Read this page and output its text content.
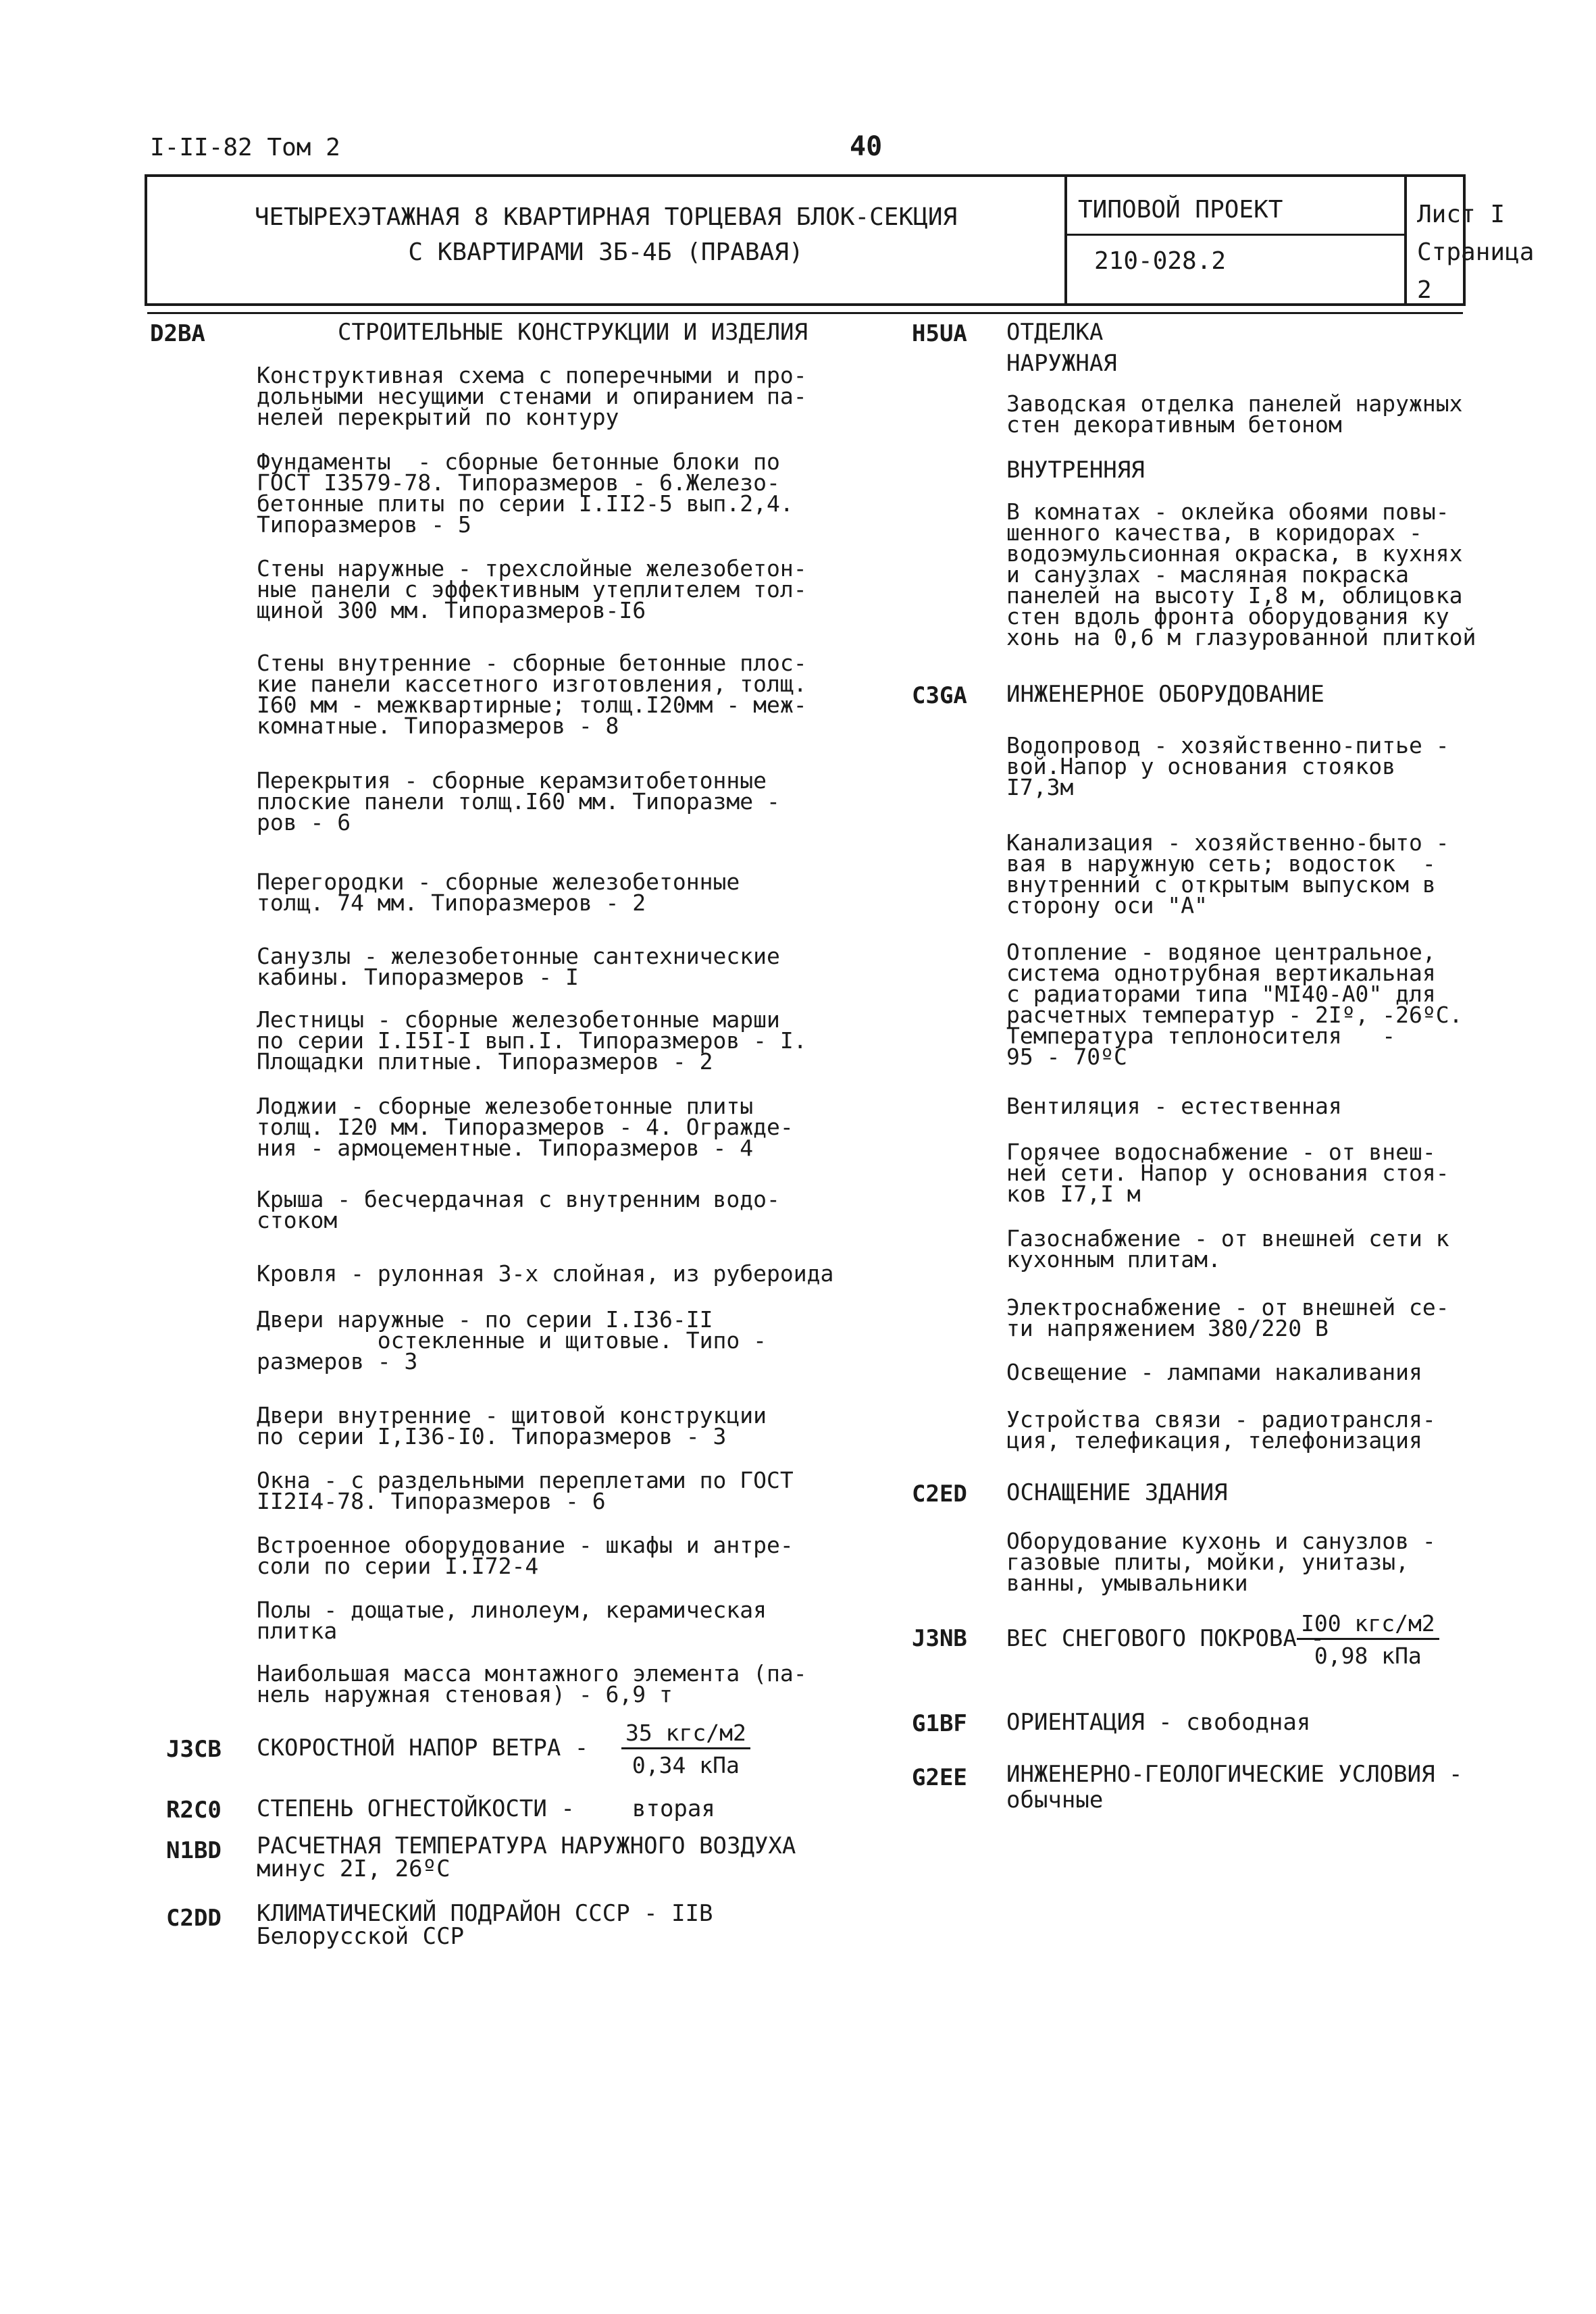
I-II-82 Том 2	40
ЧЕТЫРЕХЭТАЖНАЯ 8 КВАРТИРНАЯ ТОРЦЕВАЯ БЛОК-СЕКЦИЯ
С КВАРТИРАМИ 3Б-4Б (ПРАВАЯ)
ТИПОВОЙ ПРОЕКТ
210-028.2
Лист I
Страница 2
D2BA	СТРОИТЕЛЬНЫЕ КОНСТРУКЦИИ И ИЗДЕЛИЯ
Конструктивная схема с поперечными и про-
дольными несущими стенами и опиранием па-
нелей перекрытий по контуру
Фундаменты  - сборные бетонные блоки по
ГОСТ I3579-78. Типоразмеров - 6.Железо-
бетонные плиты по серии I.II2-5 вып.2,4.
Типоразмеров - 5
Стены наружные - трехслойные железобетон-
ные панели с эффективным утеплителем тол-
щиной 300 мм. Типоразмеров-I6
Стены внутренние - сборные бетонные плос-
кие панели кассетного изготовления, толщ.
I60 мм - межквартирные; толщ.I20мм - меж-
комнатные. Типоразмеров - 8
Перекрытия - сборные керамзитобетонные
плоские панели толщ.I60 мм. Типоразме -
ров - 6
Перегородки - сборные железобетонные
толщ. 74 мм. Типоразмеров - 2
Санузлы - железобетонные сантехнические
кабины. Типоразмеров - I
Лестницы - сборные железобетонные марши
по серии I.I5I-I вып.I. Типоразмеров - I.
Площадки плитные. Типоразмеров - 2
Лоджии - сборные железобетонные плиты
толщ. I20 мм. Типоразмеров - 4. Огражде-
ния - армоцементные. Типоразмеров - 4
Крыша - бесчердачная с внутренним водо-
стоком
Кровля - рулонная 3-х слойная, из рубероида
Двери наружные - по серии I.I36-II
остекленные и щитовые. Типо -
размеров - 3
Двери внутренние - щитовой конструкции
по серии I,I36-I0. Типоразмеров - 3
Окна - с раздельными переплетами по ГОСТ
II2I4-78. Типоразмеров - 6
Встроенное оборудование - шкафы и антре-
соли по серии I.I72-4
Полы - дощатые, линолеум, керамическая
плитка
Наибольшая масса монтажного элемента (па-
нель наружная стеновая) - 6,9 т
J3CB СКОРОСТНОЙ НАПОР ВЕТРА -
35 кгс/м2
0,34 кПа
R2C0 СТЕПЕНЬ ОГНЕСТОЙКОСТИ -	вторая
N1BD РАСЧЕТНАЯ ТЕМПЕРАТУРА НАРУЖНОГО ВОЗДУХА
минус 2I, 26ºС
C2DD КЛИМАТИЧЕСКИЙ ПОДРАЙОН СССР - IIВ
Белорусской ССР
H5UA ОТДЕЛКА
НАРУЖНАЯ
Заводская отделка панелей наружных
стен декоративным бетоном
ВНУТРЕННЯЯ
В комнатах - оклейка обоями повы-
шенного качества, в коридорах -
водоэмульсионная окраска, в кухнях
и санузлах - масляная покраска
панелей на высоту I,8 м, облицовка
стен вдоль фронта оборудования ку
хонь на 0,6 м глазурованной плиткой
C3GA ИНЖЕНЕРНОЕ ОБОРУДОВАНИЕ
Водопровод - хозяйственно-питье -
вой.Напор у основания стояков
I7,3м
Канализация - хозяйственно-быто -
вая в наружную сеть; водосток  -
внутренний с открытым выпуском в
сторону оси "А"
Отопление - водяное центральное,
система однотрубная вертикальная
с радиаторами типа "МI40-А0" для
расчетных температур - 2Iº, -26ºС.
Температура теплоносителя   -
95 - 70ºС
Вентиляция - естественная
Горячее водоснабжение - от внеш-
ней сети. Напор у основания стоя-
ков I7,I м
Газоснабжение - от внешней сети к
кухонным плитам.
Электроснабжение - от внешней се-
ти напряжением 380/220 В
Освещение - лампами накаливания
Устройства связи - радиотрансля-
ция, телефикация, телефонизация
C2ED ОСНАЩЕНИЕ ЗДАНИЯ
Оборудование кухонь и санузлов -
газовые плиты, мойки, унитазы,
ванны, умывальники
J3NB ВЕС СНЕГОВОГО ПОКРОВА -
I00 кгс/м2
0,98 кПа
G1BF ОРИЕНТАЦИЯ - свободная
G2EE ИНЖЕНЕРНО-ГЕОЛОГИЧЕСКИЕ УСЛОВИЯ -
обычные
